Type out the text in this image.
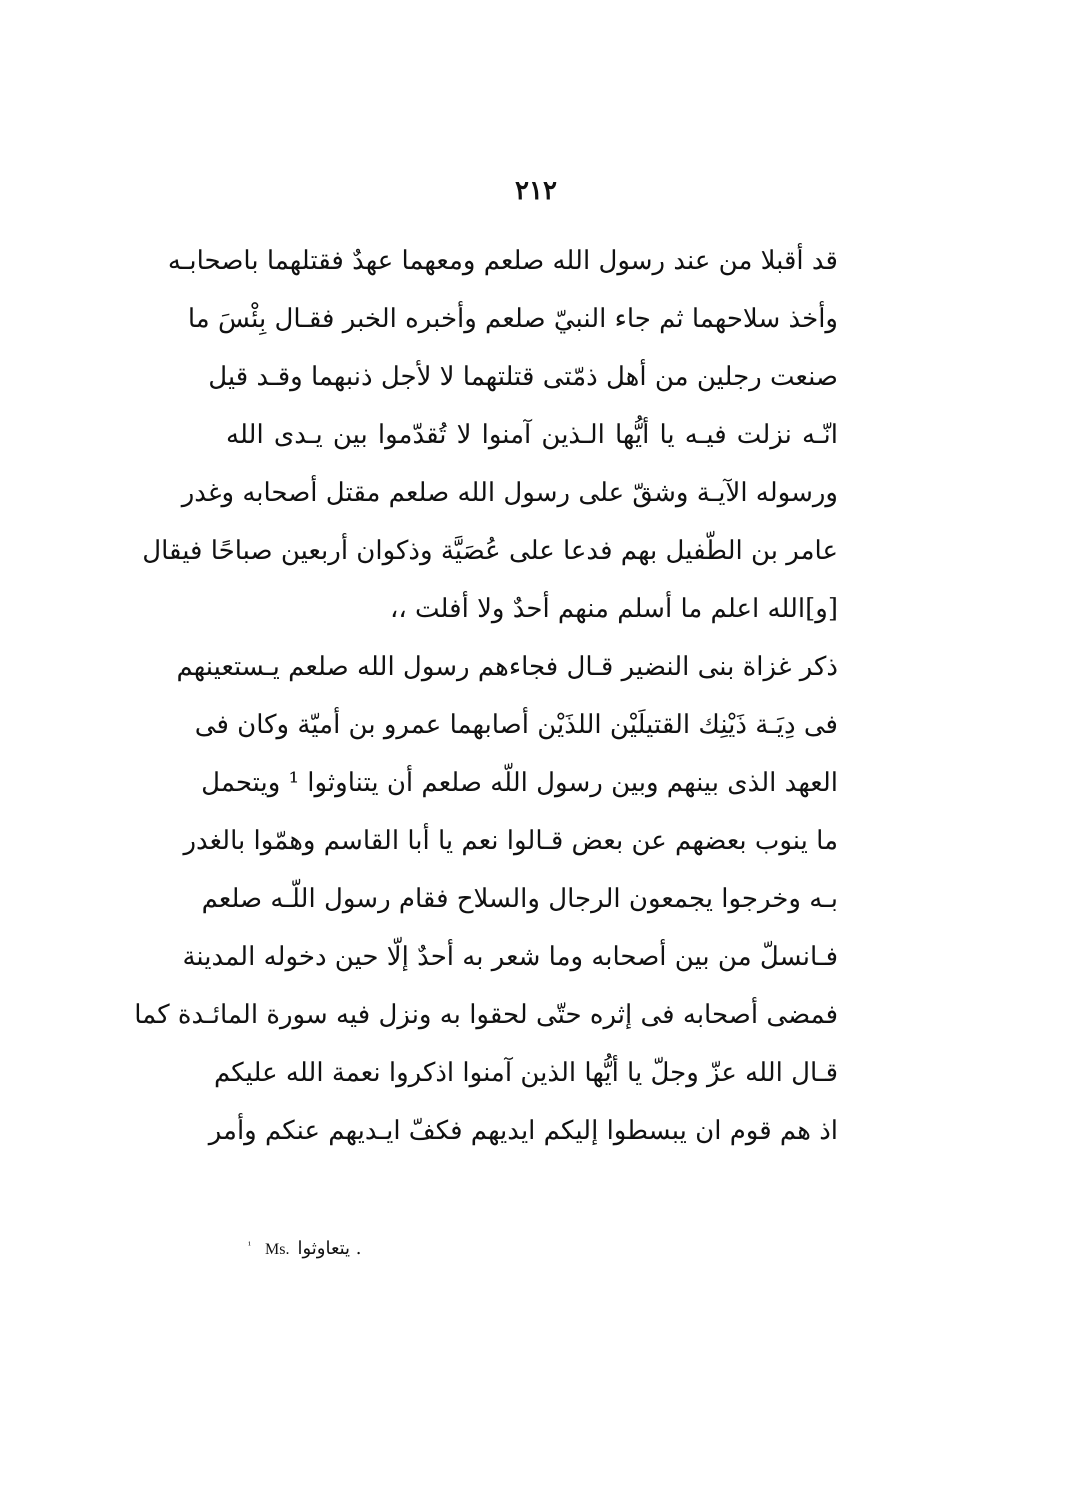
٢١٢
قد أقبلا من عند رسول الله صلعم ومعهما عهدٌ فقتلهما باصحابـه
وأخذ سلاحهما ثم جاء النبيّ صلعم وأخبره الخبر فقـال بِئْسَ ما
صنعت رجلين من أهل ذمّتى قتلتهما لا لأجل ذنبهما وقـد قيل
انّـه نزلت فيـه يا أيُّها الـذين آمنوا لا تُقدّموا بين يـدى الله
ورسوله الآيـة وشقّ على رسول الله صلعم مقتل أصحابه وغدر
عامر بن الطّفيل بهم فدعا على عُصَيَّة وذكوان أربعين صباحًا فيقال
[و]الله اعلم ما أسلم منهم أحدٌ ولا أفلت ،،
ذكر غزاة بنى النضير قـال فجاءهم رسول الله صلعم يـستعينهم
فى دِيَـة ذَيْنِك القتيلَيْن اللذَيْن أصابهما عمرو بن أميّة وكان فى
العهد الذى بينهم وبين رسول اللّه صلعم أن يتناوثوا ¹ ويتحمل
ما ينوب بعضهم عن بعض قـالوا نعم يا أبا القاسم وهمّوا بالغدر
بـه وخرجوا يجمعون الرجال والسلاح فقام رسول اللّـه صلعم
فـانسلّ من بين أصحابه وما شعر به أحدٌ إلّا حين دخوله المدينة
فمضى أصحابه فى إثره حتّى لحقوا به ونزل فيه سورة المائـدة كما
قـال الله عزّ وجلّ يا أيُّها الذين آمنوا اذكروا نعمة الله عليكم
اذ هم قوم ان يبسطوا إليكم ايديهم فكفّ ايـديهم عنكم وأمر
$^{^1}$ Ms. يتعاوثوا .
